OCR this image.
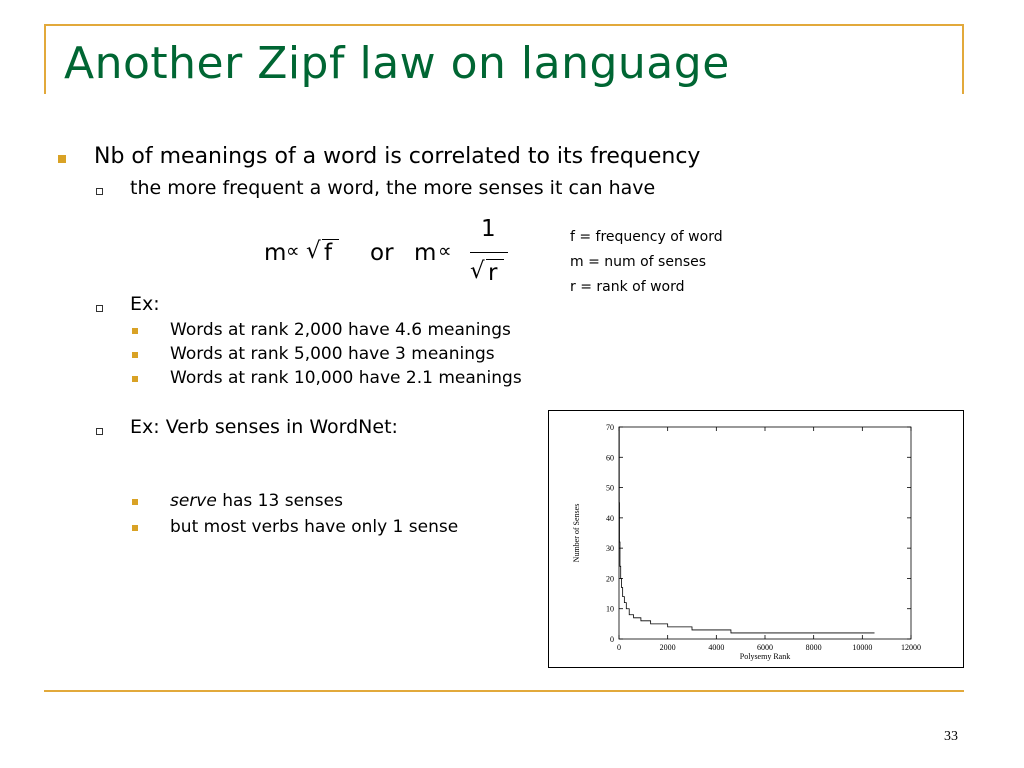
Another Zipf law on language
Nb of meanings of a word is correlated to its frequency
the more frequent a word, the more senses it can have
m ∝ √ f or m ∝
1
√ r
f = frequency of word
m = num of senses
r = rank of word
Ex:
Words at rank 2,000 have 4.6 meanings
Words at rank 5,000 have 3 meanings
Words at rank 10,000 have 2.1 meanings
Ex: Verb senses in WordNet:
serve has 13 senses
but most verbs have only 1 sense
0
10
20
30
40
50
60
70
0	2000	4000	6000	8000	10000	12000
Polysemy Rank
Number of Senses
33
